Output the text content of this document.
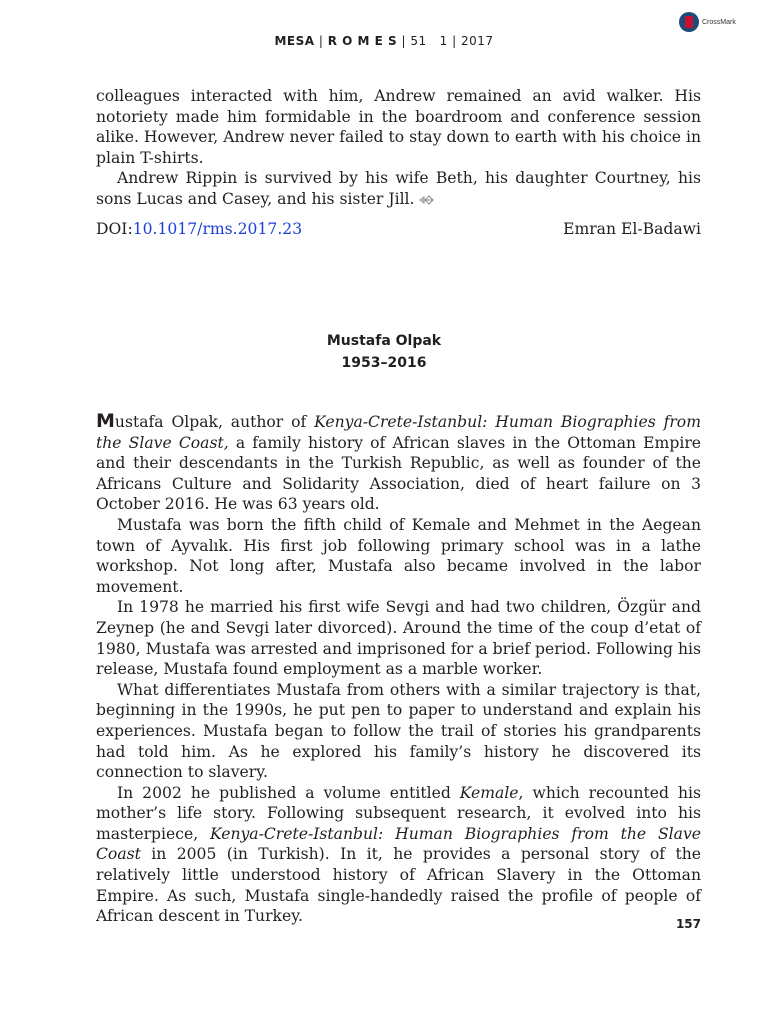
MESA | R O M E S | 51 1 | 2017
CrossMark

colleagues interacted with him, Andrew remained an avid walker. His notoriety made him formidable in the boardroom and conference session alike. However, Andrew never failed to stay down to earth with his choice in plain T-shirts.

Andrew Rippin is survived by his wife Beth, his daughter Courtney, his sons Lucas and Casey, and his sister Jill.

DOI:10.1017/rms.2017.23	Emran El-Badawi
Mustafa Olpak
1953–2016

Mustafa Olpak, author of Kenya-Crete-Istanbul: Human Biographies from the Slave Coast, a family history of African slaves in the Ottoman Empire and their descendants in the Turkish Republic, as well as founder of the Africans Culture and Solidarity Association, died of heart failure on 3 October 2016. He was 63 years old.

Mustafa was born the fifth child of Kemale and Mehmet in the Aegean town of Ayvalık. His first job following primary school was in a lathe workshop. Not long after, Mustafa also became involved in the labor movement.

In 1978 he married his first wife Sevgi and had two children, Özgür and Zeynep (he and Sevgi later divorced). Around the time of the coup d’etat of 1980, Mustafa was arrested and imprisoned for a brief period. Following his release, Mustafa found employment as a marble worker.

What differentiates Mustafa from others with a similar trajectory is that, beginning in the 1990s, he put pen to paper to understand and explain his experiences. Mustafa began to follow the trail of stories his grandparents had told him. As he explored his family’s history he discovered its connection to slavery.

In 2002 he published a volume entitled Kemale, which recounted his mother’s life story. Following subsequent research, it evolved into his masterpiece, Kenya-Crete-Istanbul: Human Biographies from the Slave Coast in 2005 (in Turkish). In it, he provides a personal story of the relatively little understood history of African Slavery in the Ottoman Empire. As such, Mustafa single-handedly raised the profile of people of African descent in Turkey.	157
